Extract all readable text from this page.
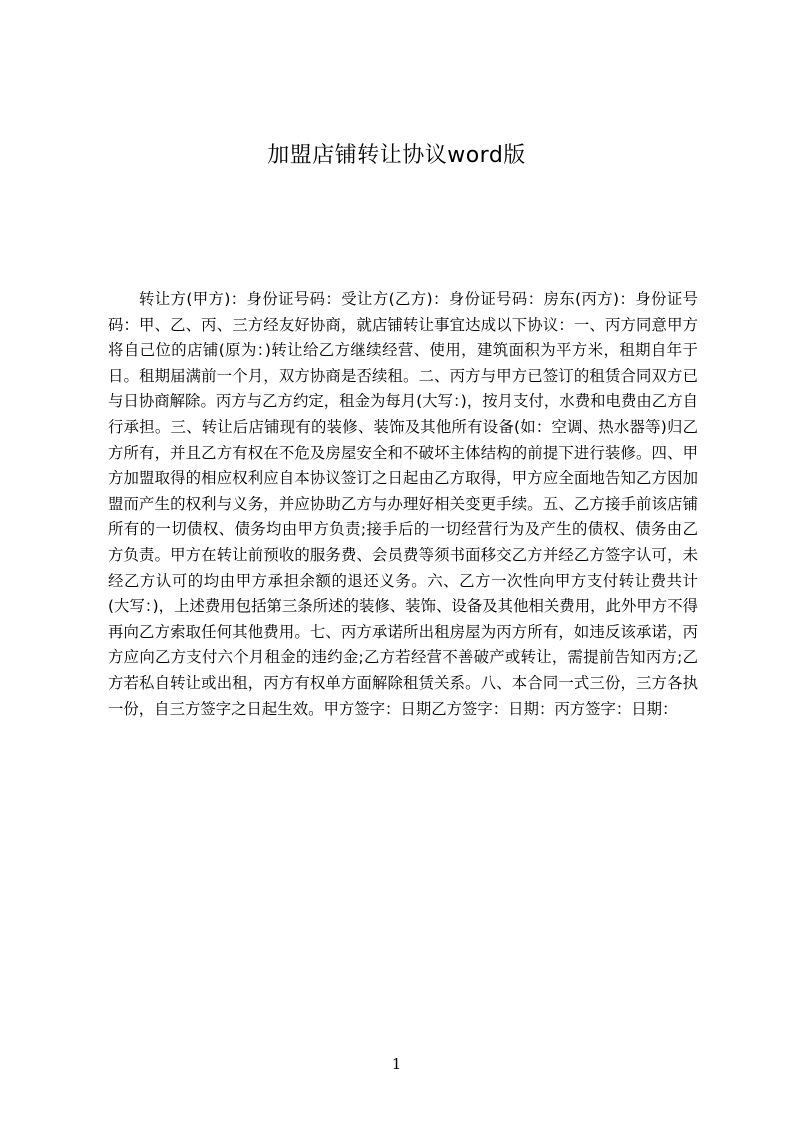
加盟店铺转让协议word版

转让方(甲方)：身份证号码：受让方(乙方)：身份证号码：房东(丙方)：身份证号码：甲、乙、丙、三方经友好协商，就店铺转让事宜达成以下协议：一、丙方同意甲方将自己位的店铺(原为：)转让给乙方继续经营、使用，建筑面积为平方米，租期自年于日。租期届满前一个月，双方协商是否续租。二、丙方与甲方已签订的租赁合同双方已与日协商解除。丙方与乙方约定，租金为每月(大写：)，按月支付，水费和电费由乙方自行承担。三、转让后店铺现有的装修、装饰及其他所有设备(如：空调、热水器等)归乙方所有，并且乙方有权在不危及房屋安全和不破坏主体结构的前提下进行装修。四、甲方加盟取得的相应权利应自本协议签订之日起由乙方取得，甲方应全面地告知乙方因加盟而产生的权利与义务，并应协助乙方与办理好相关变更手续。五、乙方接手前该店铺所有的一切债权、债务均由甲方负责;接手后的一切经营行为及产生的债权、债务由乙方负责。甲方在转让前预收的服务费、会员费等须书面移交乙方并经乙方签字认可，未经乙方认可的均由甲方承担余额的退还义务。六、乙方一次性向甲方支付转让费共计(大写：)，上述费用包括第三条所述的装修、装饰、设备及其他相关费用，此外甲方不得再向乙方索取任何其他费用。七、丙方承诺所出租房屋为丙方所有，如违反该承诺，丙方应向乙方支付六个月租金的违约金;乙方若经营不善破产或转让，需提前告知丙方;乙方若私自转让或出租，丙方有权单方面解除租赁关系。八、本合同一式三份，三方各执一份，自三方签字之日起生效。甲方签字：日期乙方签字：日期：丙方签字：日期：

1
